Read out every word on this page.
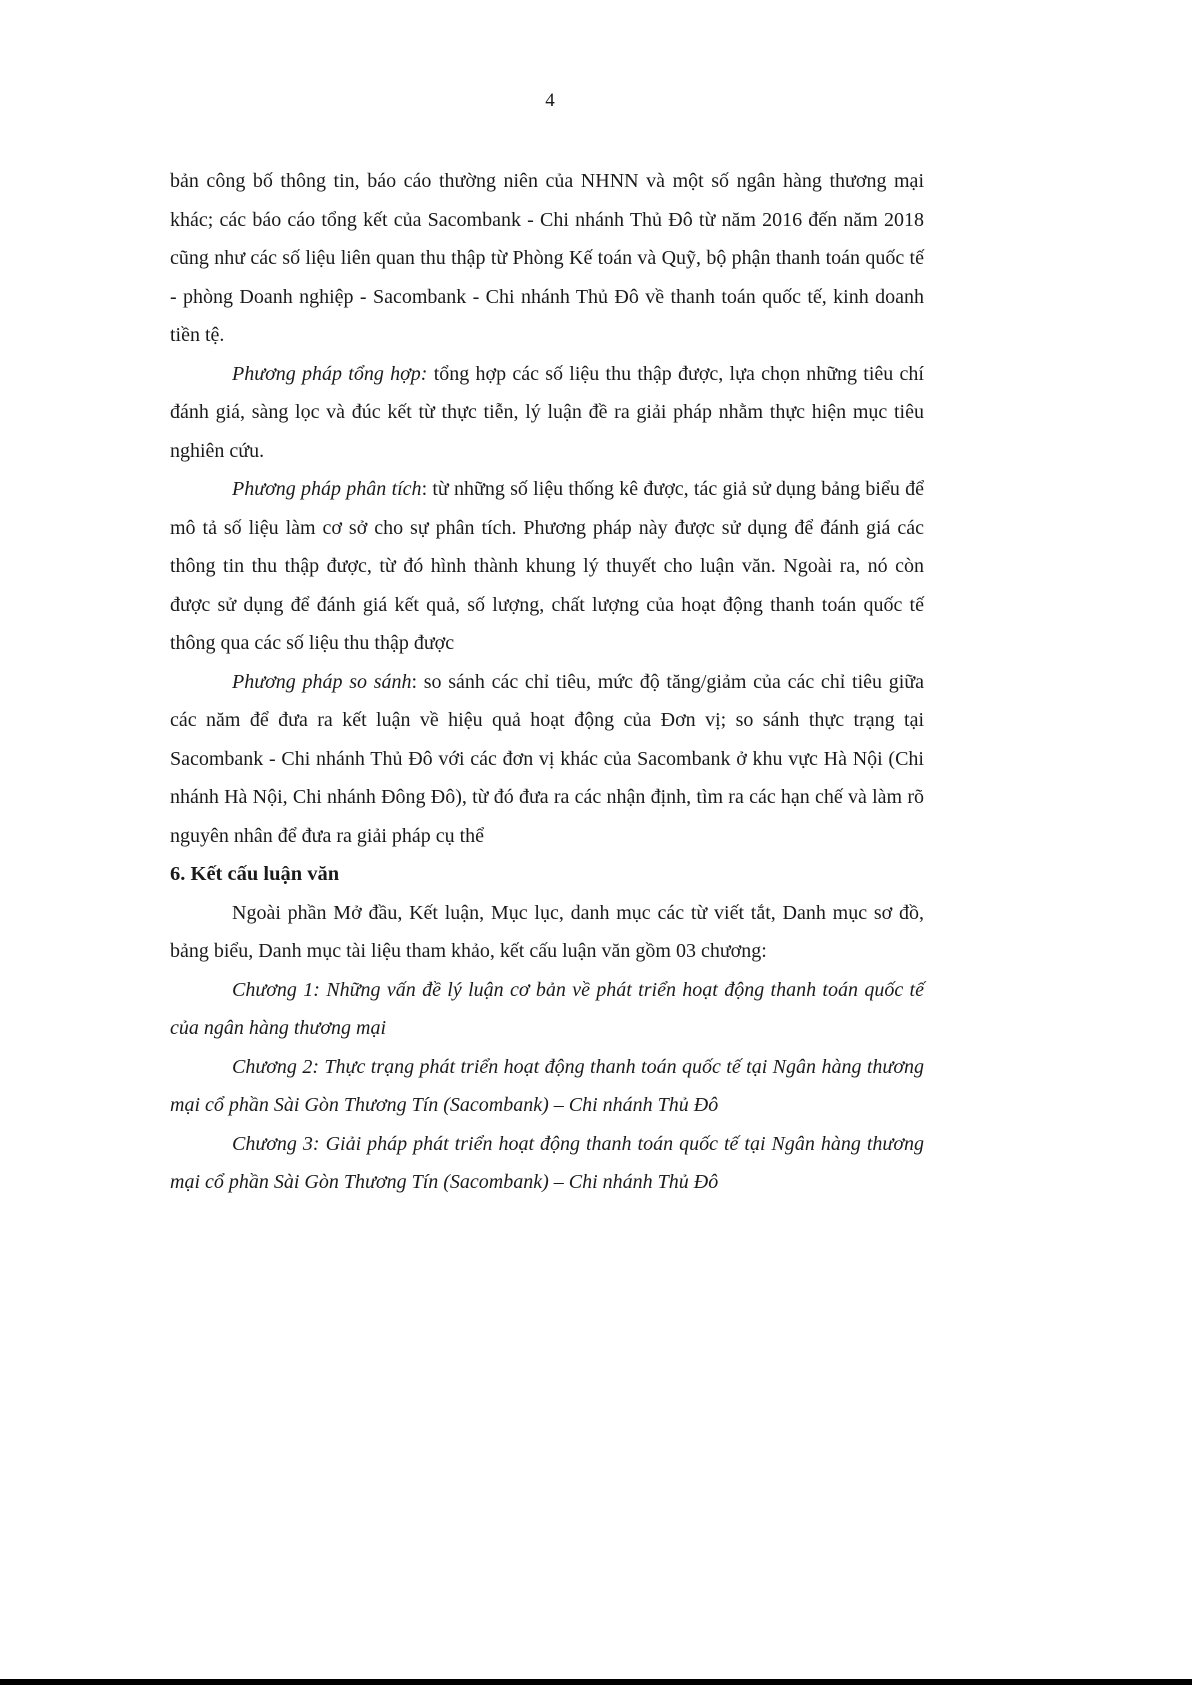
4

bản công bố thông tin, báo cáo thường niên của NHNN và một số ngân hàng thương mại khác; các báo cáo tổng kết của Sacombank - Chi nhánh Thủ Đô từ năm 2016 đến năm 2018 cũng như các số liệu liên quan thu thập từ Phòng Kế toán và Quỹ, bộ phận thanh toán quốc tế - phòng Doanh nghiệp - Sacombank - Chi nhánh Thủ Đô về thanh toán quốc tế, kinh doanh tiền tệ.

Phương pháp tổng hợp: tổng hợp các số liệu thu thập được, lựa chọn những tiêu chí đánh giá, sàng lọc và đúc kết từ thực tiễn, lý luận đề ra giải pháp nhằm thực hiện mục tiêu nghiên cứu.

Phương pháp phân tích: từ những số liệu thống kê được, tác giả sử dụng bảng biểu để mô tả số liệu làm cơ sở cho sự phân tích. Phương pháp này được sử dụng để đánh giá các thông tin thu thập được, từ đó hình thành khung lý thuyết cho luận văn. Ngoài ra, nó còn được sử dụng để đánh giá kết quả, số lượng, chất lượng của hoạt động thanh toán quốc tế thông qua các số liệu thu thập được

Phương pháp so sánh: so sánh các chỉ tiêu, mức độ tăng/giảm của các chỉ tiêu giữa các năm để đưa ra kết luận về hiệu quả hoạt động của Đơn vị; so sánh thực trạng tại Sacombank - Chi nhánh Thủ Đô với các đơn vị khác của Sacombank ở khu vực Hà Nội (Chi nhánh Hà Nội, Chi nhánh Đông Đô), từ đó đưa ra các nhận định, tìm ra các hạn chế và làm rõ nguyên nhân để đưa ra giải pháp cụ thể

6. Kết cấu luận văn

Ngoài phần Mở đầu, Kết luận, Mục lục, danh mục các từ viết tắt, Danh mục sơ đồ, bảng biểu, Danh mục tài liệu tham khảo, kết cấu luận văn gồm 03 chương:

Chương 1: Những vấn đề lý luận cơ bản về phát triển hoạt động thanh toán quốc tế của ngân hàng thương mại

Chương 2: Thực trạng phát triển hoạt động thanh toán quốc tế tại Ngân hàng thương mại cổ phần Sài Gòn Thương Tín (Sacombank) – Chi nhánh Thủ Đô

Chương 3: Giải pháp phát triển hoạt động thanh toán quốc tế tại Ngân hàng thương mại cổ phần Sài Gòn Thương Tín (Sacombank) – Chi nhánh Thủ Đô
